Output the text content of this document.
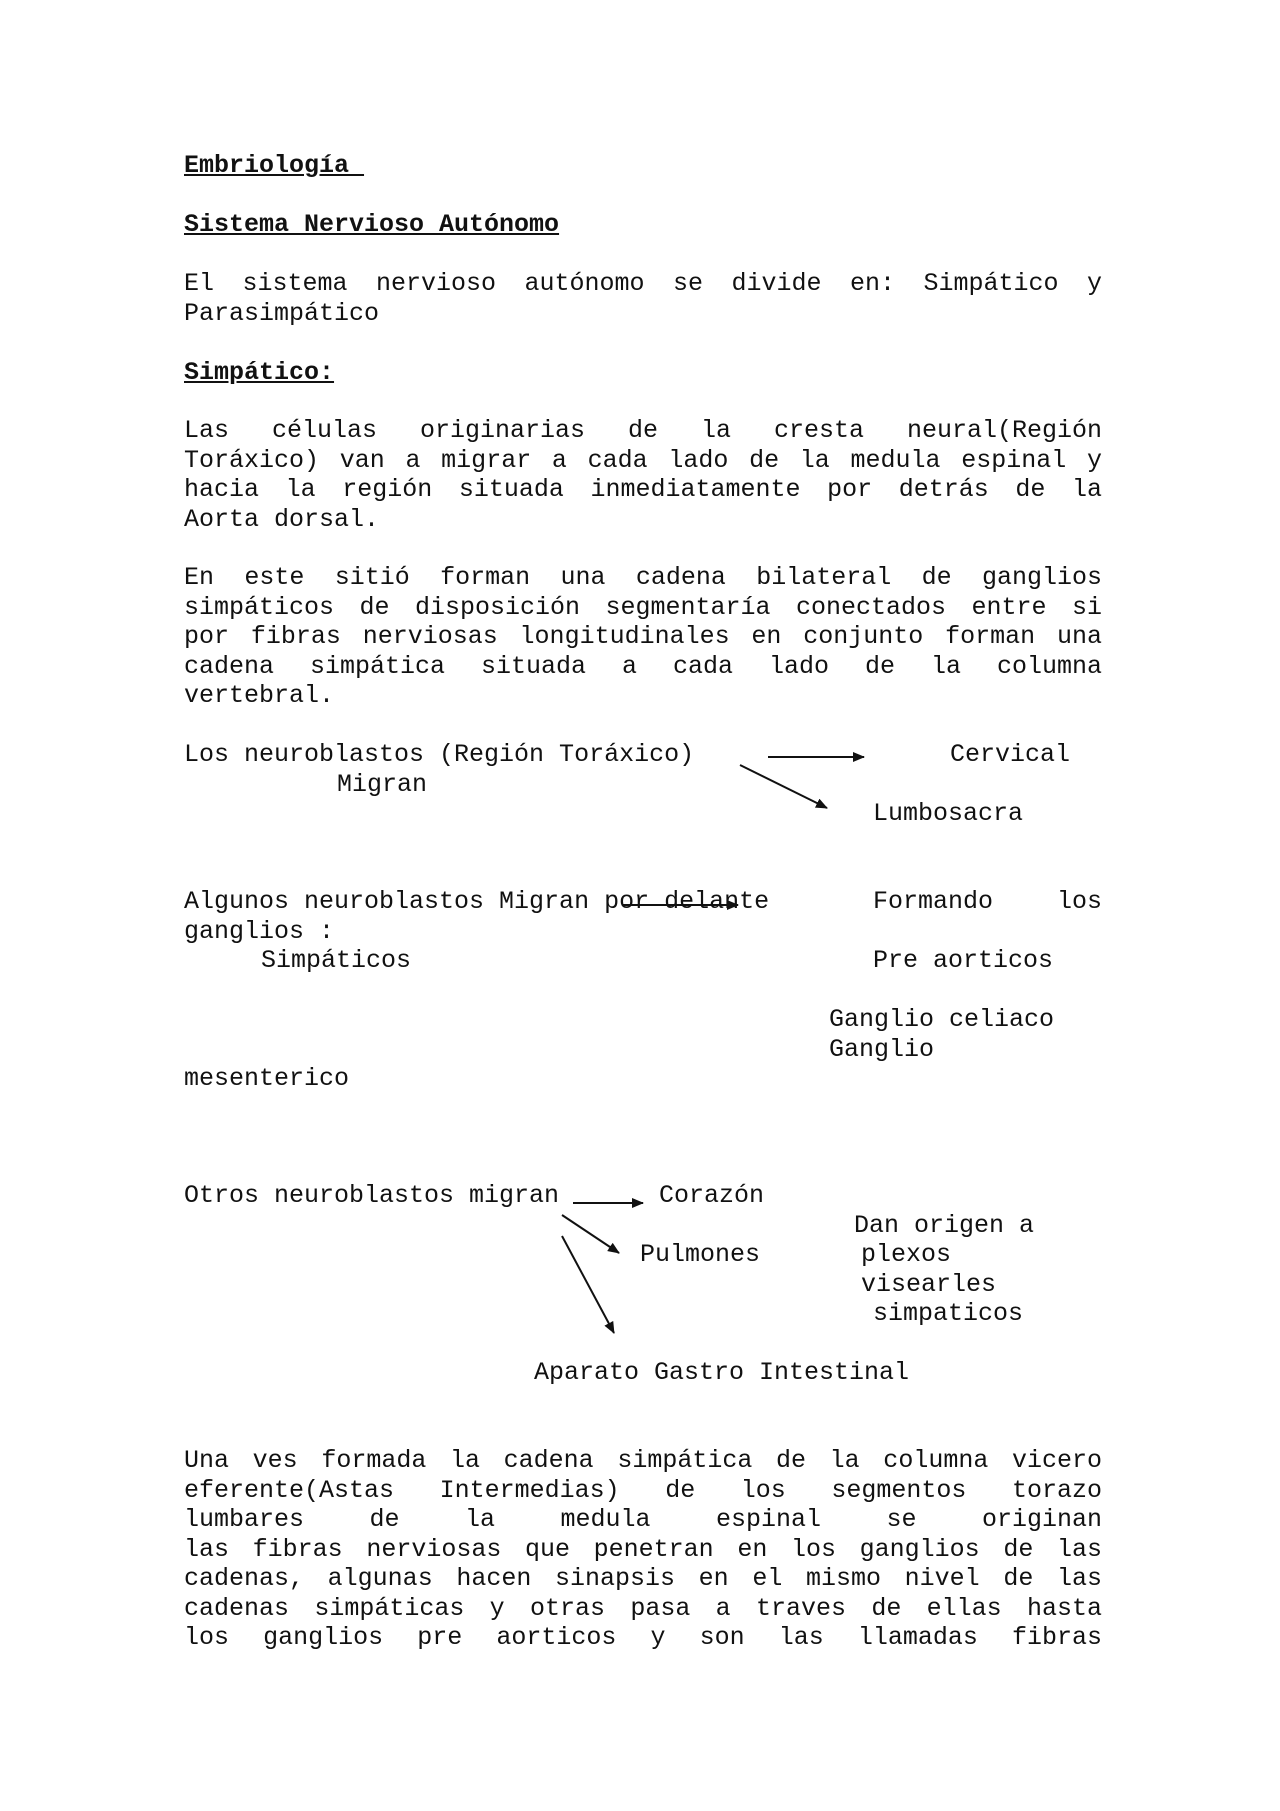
Embriología
Sistema Nervioso Autónomo
El sistema nervioso autónomo se divide en: Simpático y
Parasimpático
Simpático:
Las células originarias de la cresta neural(Región
Toráxico) van a migrar a cada lado de la medula espinal y
hacia la región situada inmediatamente por detrás de la
Aorta dorsal.
En este sitió forman una cadena bilateral de ganglios
simpáticos de disposición segmentaría conectados entre si
por fibras nerviosas longitudinales en conjunto forman una
cadena simpática situada a cada lado de la columna
vertebral.
Los neuroblastos (Región Toráxico)
Migran
Cervical
Lumbosacra
Algunos neuroblastos Migran por delante	Formando	los
ganglios :
Simpáticos	Pre aorticos
Ganglio celiaco
Ganglio
mesenterico
Otros neuroblastos migran	Corazón
Dan origen a
Pulmones	plexos
visearles
simpaticos
Aparato Gastro Intestinal
Una ves formada la cadena simpática de la columna vicero
eferente(Astas Intermedias) de los segmentos torazo
lumbares de la medula espinal se originan
las fibras nerviosas que penetran en los ganglios de las
cadenas, algunas hacen sinapsis en el mismo nivel de las
cadenas simpáticas y otras pasa a traves de ellas hasta
los ganglios pre aorticos y son las llamadas fibras
